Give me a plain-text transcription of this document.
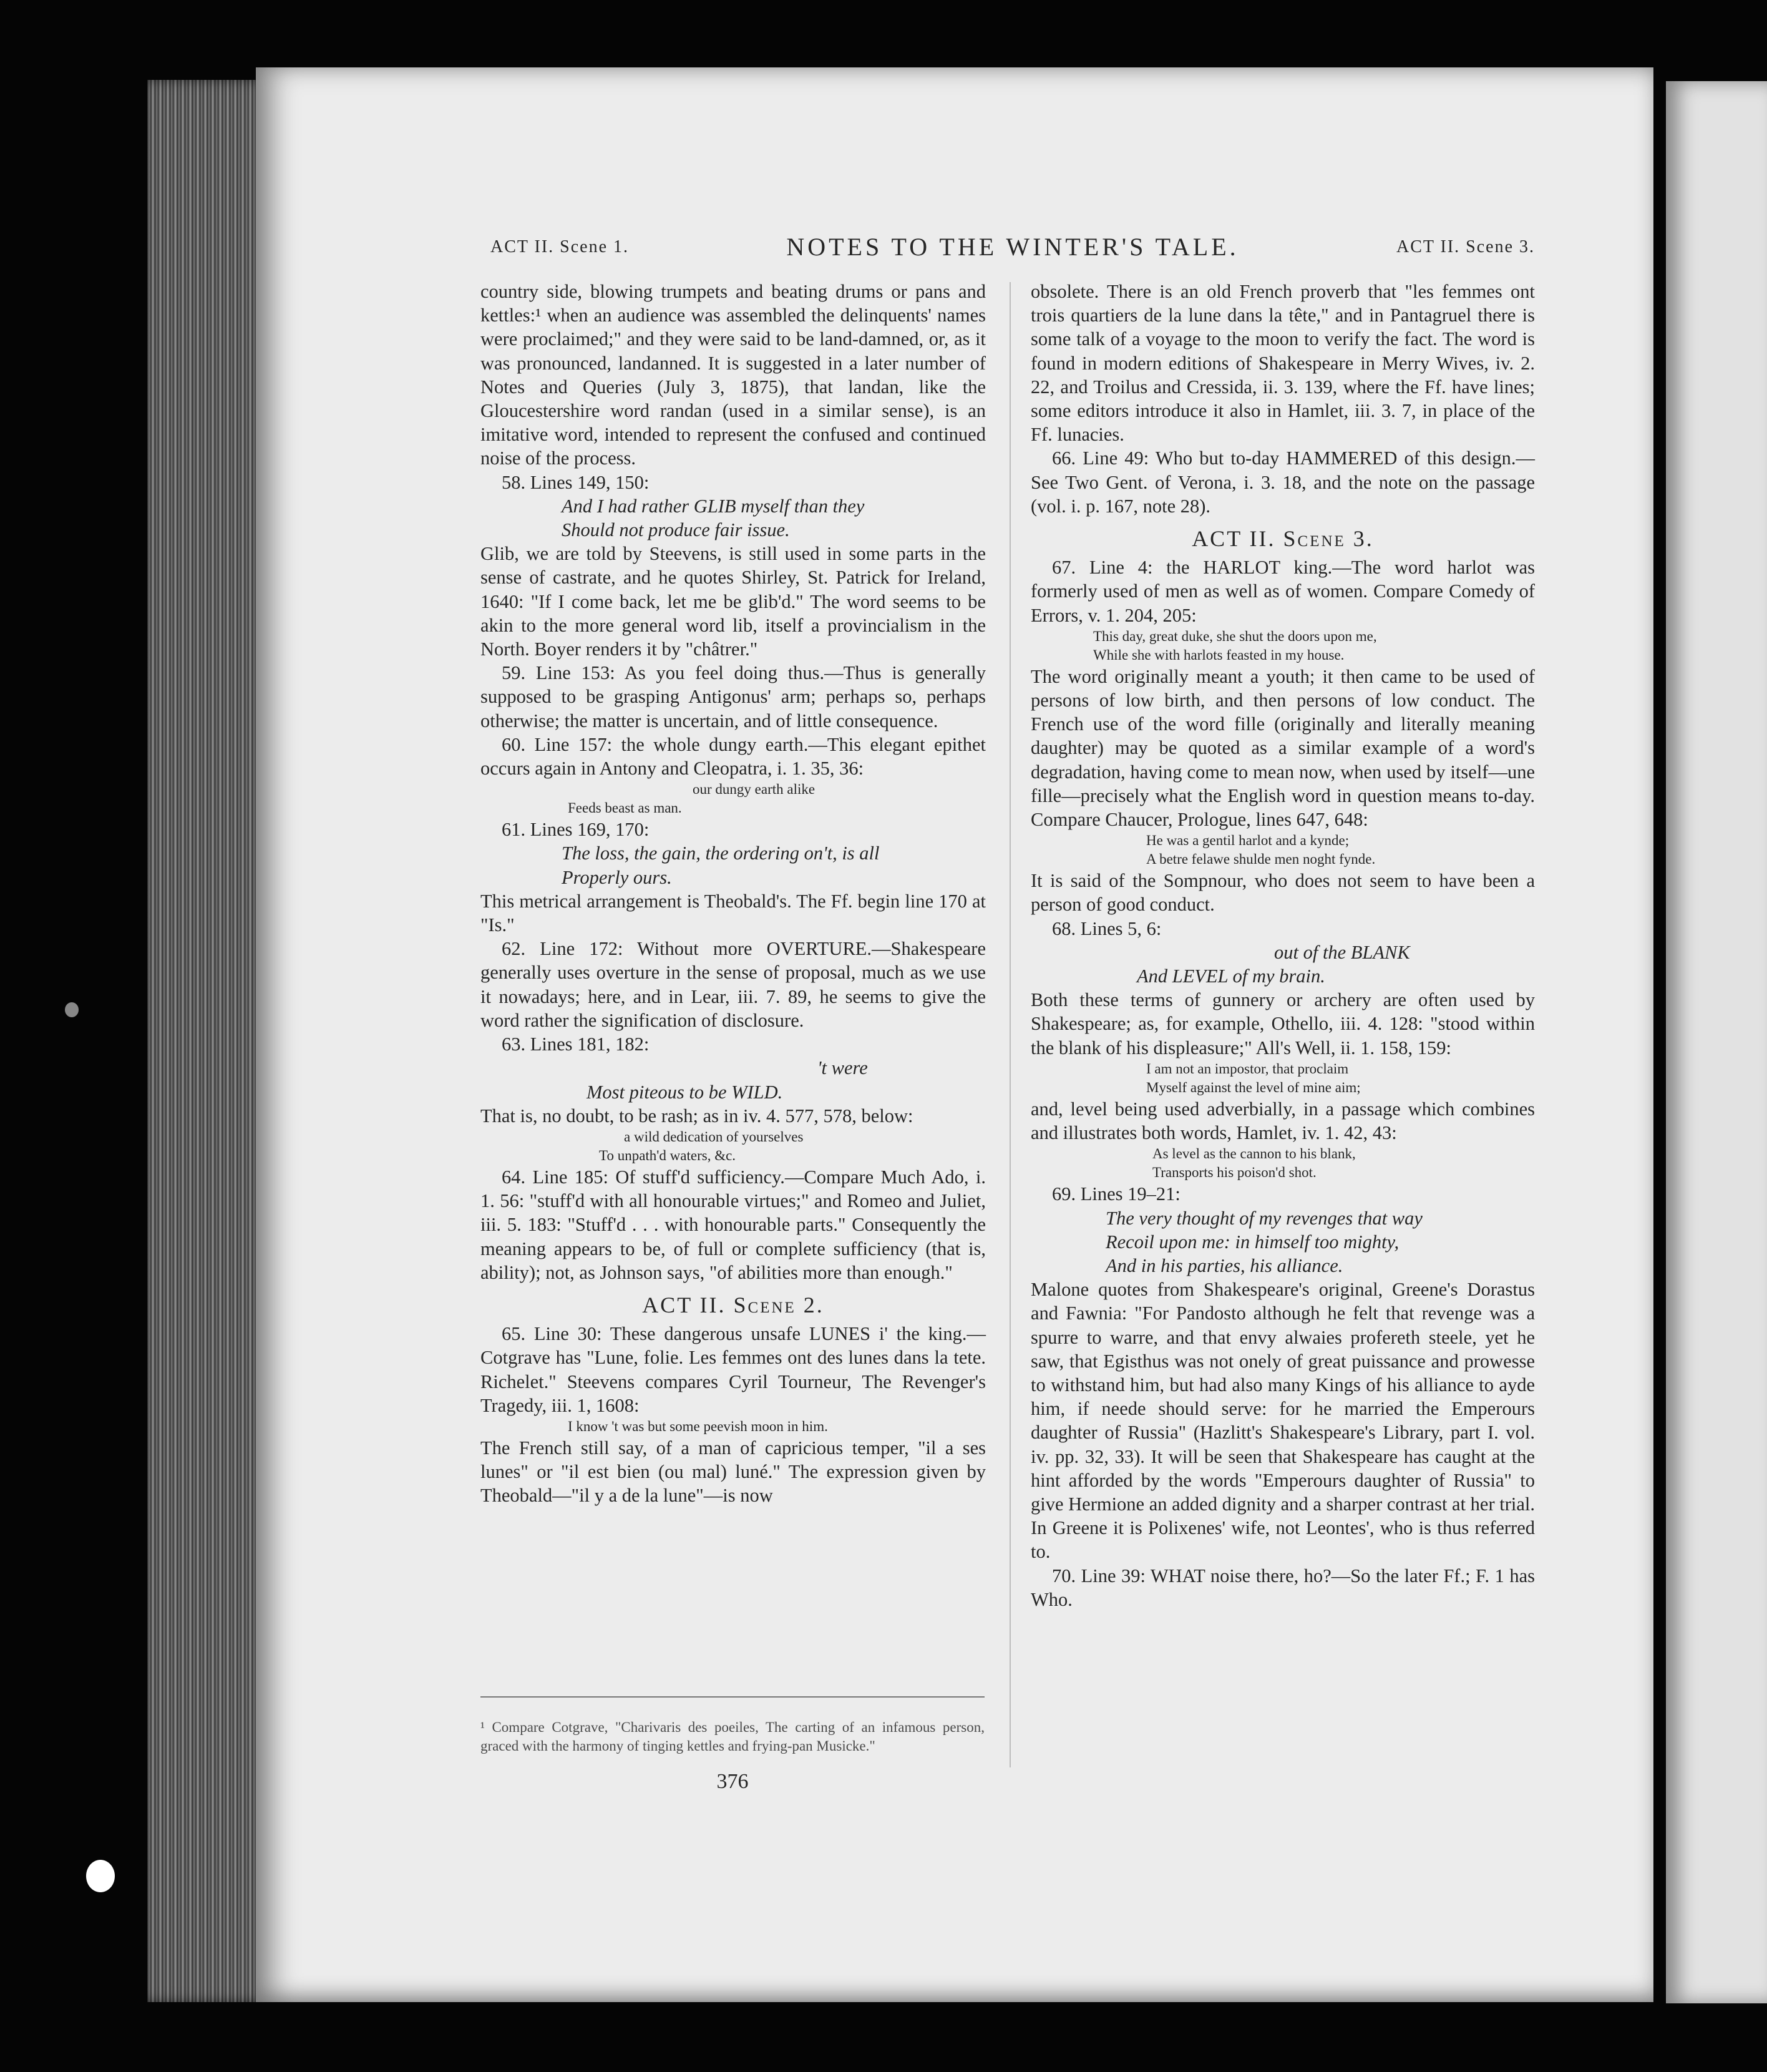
ACT II. Scene 1.	NOTES TO THE WINTER'S TALE.	ACT II. Scene 3.

country side, blowing trumpets and beating drums or pans and kettles:¹ when an audience was assembled the delinquents' names were proclaimed;" and they were said to be land-damned, or, as it was pronounced, landanned. It is suggested in a later number of Notes and Queries (July 3, 1875), that landan, like the Gloucestershire word randan (used in a similar sense), is an imitative word, intended to represent the confused and continued noise of the process.

58. Lines 149, 150:

And I had rather GLIB myself than they

Should not produce fair issue.

Glib, we are told by Steevens, is still used in some parts in the sense of castrate, and he quotes Shirley, St. Patrick for Ireland, 1640: "If I come back, let me be glib'd." The word seems to be akin to the more general word lib, itself a provincialism in the North. Boyer renders it by "châtrer."

59. Line 153: As you feel doing thus.—Thus is generally supposed to be grasping Antigonus' arm; perhaps so, perhaps otherwise; the matter is uncertain, and of little consequence.

60. Line 157: the whole dungy earth.—This elegant epithet occurs again in Antony and Cleopatra, i. 1. 35, 36:

our dungy earth alike

Feeds beast as man.

61. Lines 169, 170:

The loss, the gain, the ordering on't, is all

Properly ours.

This metrical arrangement is Theobald's. The Ff. begin line 170 at "Is."

62. Line 172: Without more OVERTURE.—Shakespeare generally uses overture in the sense of proposal, much as we use it nowadays; here, and in Lear, iii. 7. 89, he seems to give the word rather the signification of disclosure.

63. Lines 181, 182:

't were

Most piteous to be WILD.

That is, no doubt, to be rash; as in iv. 4. 577, 578, below:

a wild dedication of yourselves

To unpath'd waters, &c.

64. Line 185: Of stuff'd sufficiency.—Compare Much Ado, i. 1. 56: "stuff'd with all honourable virtues;" and Romeo and Juliet, iii. 5. 183: "Stuff'd . . . with honourable parts." Consequently the meaning appears to be, of full or complete sufficiency (that is, ability); not, as Johnson says, "of abilities more than enough."

ACT II. Scene 2.

65. Line 30: These dangerous unsafe LUNES i' the king.—Cotgrave has "Lune, folie. Les femmes ont des lunes dans la tete. Richelet." Steevens compares Cyril Tourneur, The Revenger's Tragedy, iii. 1, 1608:

I know 't was but some peevish moon in him.

The French still say, of a man of capricious temper, "il a ses lunes" or "il est bien (ou mal) luné." The expression given by Theobald—"il y a de la lune"—is now

obsolete. There is an old French proverb that "les femmes ont trois quartiers de la lune dans la tête," and in Pantagruel there is some talk of a voyage to the moon to verify the fact. The word is found in modern editions of Shakespeare in Merry Wives, iv. 2. 22, and Troilus and Cressida, ii. 3. 139, where the Ff. have lines; some editors introduce it also in Hamlet, iii. 3. 7, in place of the Ff. lunacies.

66. Line 49: Who but to-day HAMMERED of this design.—See Two Gent. of Verona, i. 3. 18, and the note on the passage (vol. i. p. 167, note 28).

ACT II. Scene 3.

67. Line 4: the HARLOT king.—The word harlot was formerly used of men as well as of women. Compare Comedy of Errors, v. 1. 204, 205:

This day, great duke, she shut the doors upon me,

While she with harlots feasted in my house.

The word originally meant a youth; it then came to be used of persons of low birth, and then persons of low conduct. The French use of the word fille (originally and literally meaning daughter) may be quoted as a similar example of a word's degradation, having come to mean now, when used by itself—une fille—precisely what the English word in question means to-day. Compare Chaucer, Prologue, lines 647, 648:

He was a gentil harlot and a kynde;

A betre felawe shulde men noght fynde.

It is said of the Sompnour, who does not seem to have been a person of good conduct.

68. Lines 5, 6:

out of the BLANK

And LEVEL of my brain.

Both these terms of gunnery or archery are often used by Shakespeare; as, for example, Othello, iii. 4. 128: "stood within the blank of his displeasure;" All's Well, ii. 1. 158, 159:

I am not an impostor, that proclaim

Myself against the level of mine aim;

and, level being used adverbially, in a passage which combines and illustrates both words, Hamlet, iv. 1. 42, 43:

As level as the cannon to his blank,

Transports his poison'd shot.

69. Lines 19–21:

The very thought of my revenges that way

Recoil upon me: in himself too mighty,

And in his parties, his alliance.

Malone quotes from Shakespeare's original, Greene's Dorastus and Fawnia: "For Pandosto although he felt that revenge was a spurre to warre, and that envy alwaies profereth steele, yet he saw, that Egisthus was not onely of great puissance and prowesse to withstand him, but had also many Kings of his alliance to ayde him, if neede should serve: for he married the Emperours daughter of Russia" (Hazlitt's Shakespeare's Library, part I. vol. iv. pp. 32, 33). It will be seen that Shakespeare has caught at the hint afforded by the words "Emperours daughter of Russia" to give Hermione an added dignity and a sharper contrast at her trial. In Greene it is Polixenes' wife, not Leontes', who is thus referred to.

70. Line 39: WHAT noise there, ho?—So the later Ff.; F. 1 has Who.

¹ Compare Cotgrave, "Charivaris des poeiles, The carting of an infamous person, graced with the harmony of tinging kettles and frying-pan Musicke."

376
